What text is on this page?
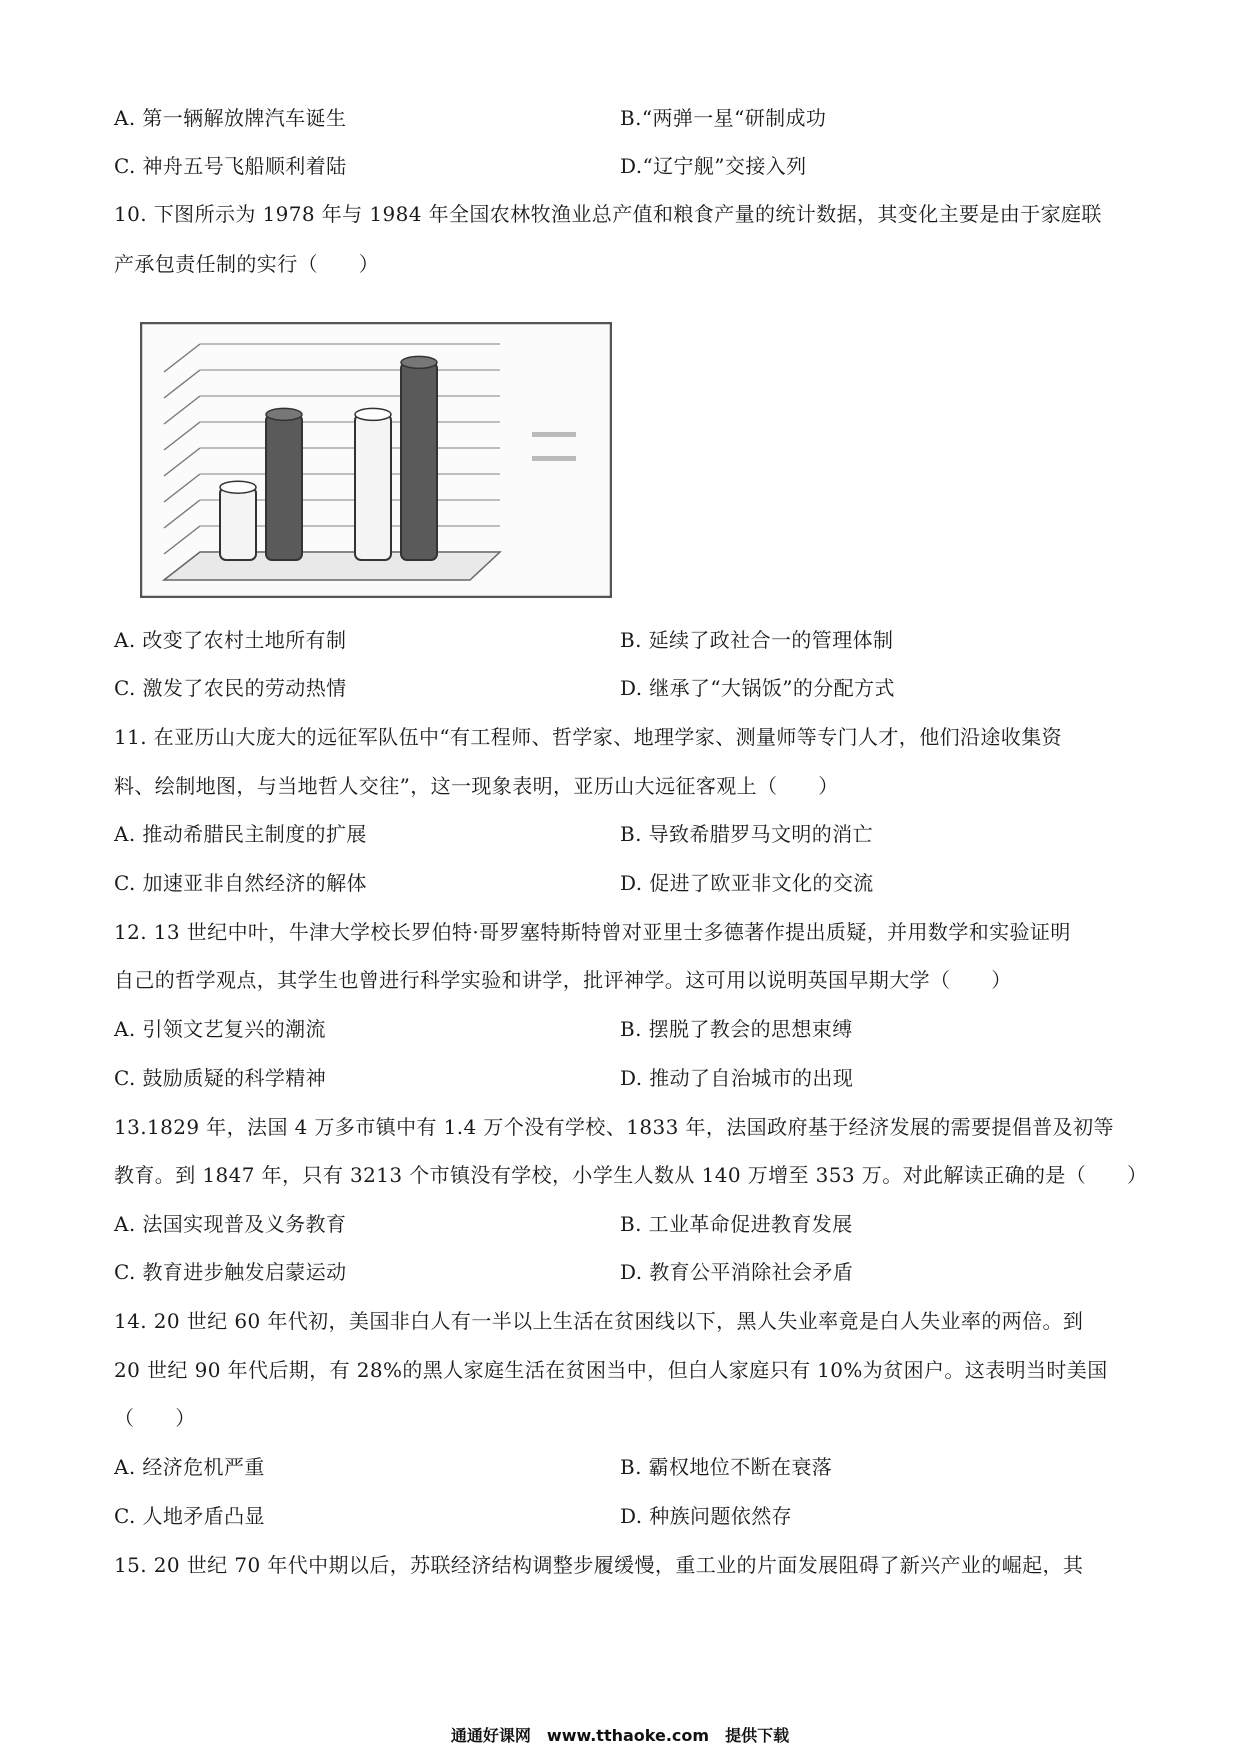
A. 第一辆解放牌汽车诞生	B.“两弹一星“研制成功
C. 神舟五号飞船顺利着陆	D.“辽宁舰”交接入列
10. 下图所示为 1978 年与 1984 年全国农林牧渔业总产值和粮食产量的统计数据，其变化主要是由于家庭联
产承包责任制的实行（　　）
A. 改变了农村土地所有制	B. 延续了政社合一的管理体制
C. 激发了农民的劳动热情	D. 继承了“大锅饭”的分配方式
11. 在亚历山大庞大的远征军队伍中“有工程师、哲学家、地理学家、测量师等专门人才，他们沿途收集资
料、绘制地图，与当地哲人交往”，这一现象表明，亚历山大远征客观上（　　）
A. 推动希腊民主制度的扩展	B. 导致希腊罗马文明的消亡
C. 加速亚非自然经济的解体	D. 促进了欧亚非文化的交流
12. 13 世纪中叶，牛津大学校长罗伯特·哥罗塞特斯特曾对亚里士多德著作提出质疑，并用数学和实验证明
自己的哲学观点，其学生也曾进行科学实验和讲学，批评神学。这可用以说明英国早期大学（　　）
A. 引领文艺复兴的潮流	B. 摆脱了教会的思想束缚
C. 鼓励质疑的科学精神	D. 推动了自治城市的出现
13.1829 年，法国 4 万多市镇中有 1.4 万个没有学校、1833 年，法国政府基于经济发展的需要提倡普及初等
教育。到 1847 年，只有 3213 个市镇没有学校，小学生人数从 140 万增至 353 万。对此解读正确的是（　　）
A. 法国实现普及义务教育	B. 工业革命促进教育发展
C. 教育进步触发启蒙运动	D. 教育公平消除社会矛盾
14. 20 世纪 60 年代初，美国非白人有一半以上生活在贫困线以下，黑人失业率竟是白人失业率的两倍。到
20 世纪 90 年代后期，有 28%的黑人家庭生活在贫困当中，但白人家庭只有 10%为贫困户。这表明当时美国
（　　）
A. 经济危机严重	B. 霸权地位不断在衰落
C. 人地矛盾凸显	D. 种族问题依然存
15. 20 世纪 70 年代中期以后，苏联经济结构调整步履缓慢，重工业的片面发展阻碍了新兴产业的崛起，其
通通好课网　www.tthaoke.com　提供下载
